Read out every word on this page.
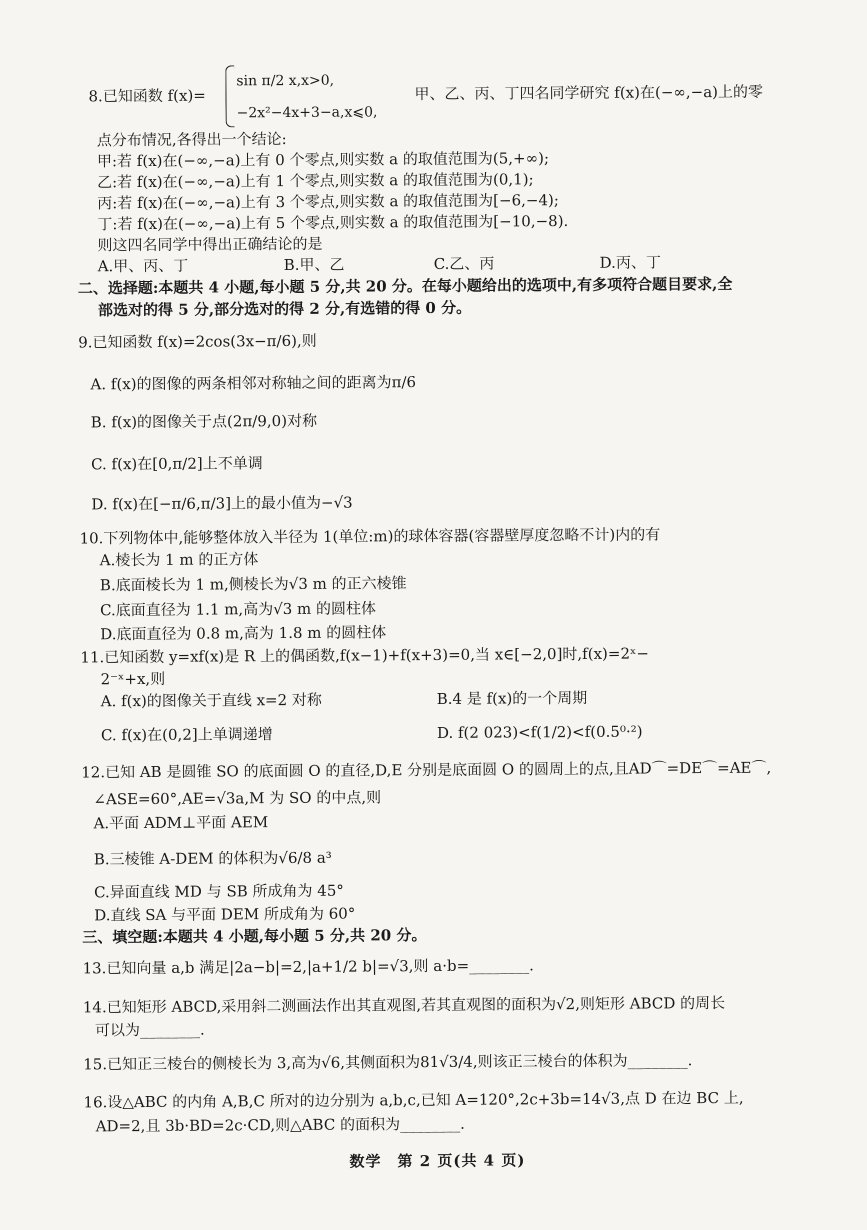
8.已知函数 f(x)=
sin π/2 x,x>0,
−2x²−4x+3−a,x⩽0,
甲、乙、丙、丁四名同学研究 f(x)在(−∞,−a)上的零
点分布情况,各得出一个结论:
甲:若 f(x)在(−∞,−a)上有 0 个零点,则实数 a 的取值范围为(5,+∞);
乙:若 f(x)在(−∞,−a)上有 1 个零点,则实数 a 的取值范围为(0,1);
丙:若 f(x)在(−∞,−a)上有 3 个零点,则实数 a 的取值范围为[−6,−4);
丁:若 f(x)在(−∞,−a)上有 5 个零点,则实数 a 的取值范围为[−10,−8).
则这四名同学中得出正确结论的是
A.甲、丙、丁	B.甲、乙	C.乙、丙	D.丙、丁
二、选择题:本题共 4 小题,每小题 5 分,共 20 分。在每小题给出的选项中,有多项符合题目要求,全
部选对的得 5 分,部分选对的得 2 分,有选错的得 0 分。
9.已知函数 f(x)=2cos(3x−π/6),则
A. f(x)的图像的两条相邻对称轴之间的距离为π/6
B. f(x)的图像关于点(2π/9,0)对称
C. f(x)在[0,π/2]上不单调
D. f(x)在[−π/6,π/3]上的最小值为−√3
10.下列物体中,能够整体放入半径为 1(单位:m)的球体容器(容器壁厚度忽略不计)内的有
A.棱长为 1 m 的正方体
B.底面棱长为 1 m,侧棱长为√3 m 的正六棱锥
C.底面直径为 1.1 m,高为√3 m 的圆柱体
D.底面直径为 0.8 m,高为 1.8 m 的圆柱体
11.已知函数 y=xf(x)是 R 上的偶函数,f(x−1)+f(x+3)=0,当 x∈[−2,0]时,f(x)=2ˣ−
2⁻ˣ+x,则
A. f(x)的图像关于直线 x=2 对称	B.4 是 f(x)的一个周期
C. f(x)在(0,2]上单调递增	D. f(2 023)<f(1/2)<f(0.5⁰·²)
12.已知 AB 是圆锥 SO 的底面圆 O 的直径,D,E 分别是底面圆 O 的圆周上的点,且AD⌒=DE⌒=AE⌒,
∠ASE=60°,AE=√3a,M 为 SO 的中点,则
A.平面 ADM⊥平面 AEM
B.三棱锥 A-DEM 的体积为√6/8 a³
C.异面直线 MD 与 SB 所成角为 45°
D.直线 SA 与平面 DEM 所成角为 60°
三、填空题:本题共 4 小题,每小题 5 分,共 20 分。
13.已知向量 a,b 满足|2a−b|=2,|a+1/2 b|=√3,则 a·b=________.
14.已知矩形 ABCD,采用斜二测画法作出其直观图,若其直观图的面积为√2,则矩形 ABCD 的周长
可以为________.
15.已知正三棱台的侧棱长为 3,高为√6,其侧面积为81√3/4,则该正三棱台的体积为________.
16.设△ABC 的内角 A,B,C 所对的边分别为 a,b,c,已知 A=120°,2c+3b=14√3,点 D 在边 BC 上,
AD=2,且 3b·BD=2c·CD,则△ABC 的面积为________.
数学　第 2 页(共 4 页)
